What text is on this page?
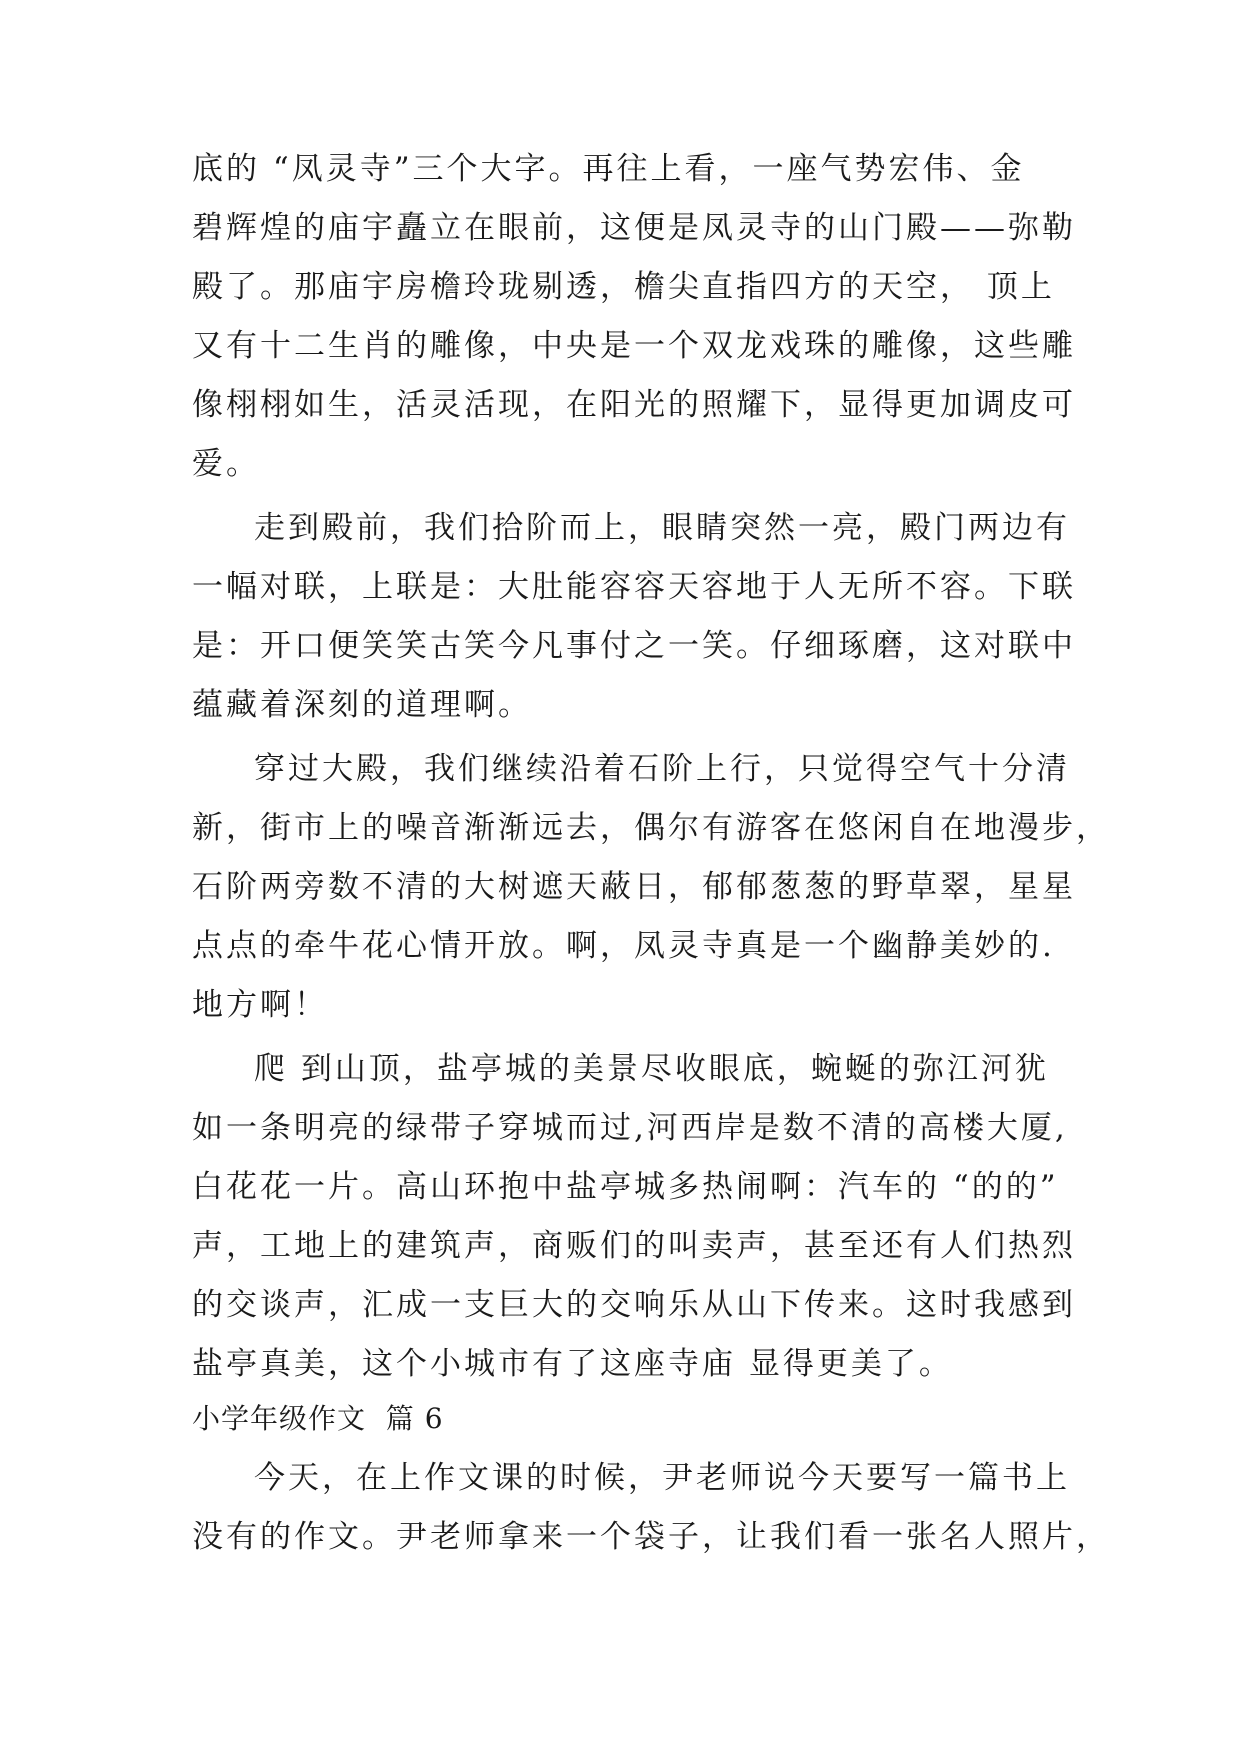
底的 “凤灵寺”三个大字。再往上看，一座气势宏伟、金
碧辉煌的庙宇矗立在眼前，这便是凤灵寺的山门殿——弥勒
殿了。那庙宇房檐玲珑剔透，檐尖直指四方的天空， 顶上
又有十二生肖的雕像，中央是一个双龙戏珠的雕像，这些雕
像栩栩如生，活灵活现，在阳光的照耀下，显得更加调皮可
爱。
走到殿前，我们拾阶而上，眼睛突然一亮，殿门两边有
一幅对联，上联是：大肚能容容天容地于人无所不容。下联
是：开口便笑笑古笑今凡事付之一笑。仔细琢磨，这对联中
蕴藏着深刻的道理啊。
穿过大殿，我们继续沿着石阶上行，只觉得空气十分清
新，街市上的噪音渐渐远去，偶尔有游客在悠闲自在地漫步，
石阶两旁数不清的大树遮天蔽日，郁郁葱葱的野草翠，星星
点点的牵牛花心情开放。啊，凤灵寺真是一个幽静美妙的.
地方啊！
爬 到山顶，盐亭城的美景尽收眼底，蜿蜒的弥江河犹
如一条明亮的绿带子穿城而过,河西岸是数不清的高楼大厦,
白花花一片。高山环抱中盐亭城多热闹啊：汽车的 “的的”
声，工地上的建筑声，商贩们的叫卖声，甚至还有人们热烈
的交谈声，汇成一支巨大的交响乐从山下传来。这时我感到
盐亭真美，这个小城市有了这座寺庙 显得更美了。
小学年级作文  篇 6
今天，在上作文课的时候，尹老师说今天要写一篇书上
没有的作文。尹老师拿来一个袋子，让我们看一张名人照片，
